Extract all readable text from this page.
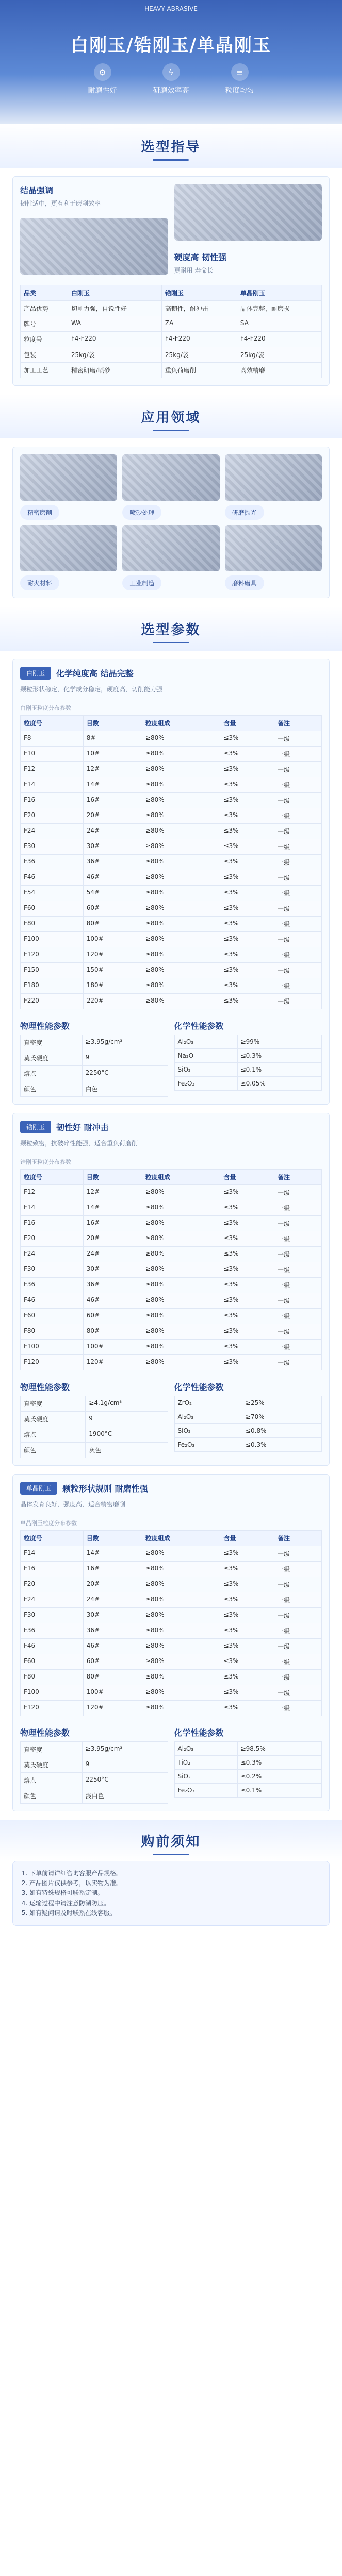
HEAVY ABRASIVE
白刚玉/锆刚玉/单晶刚玉
⚙
耐磨性好
ϟ
研磨效率高
≡
粒度均匀
选型指导
结晶强调
韧性适中，更有利于磨削效率
硬度高 韧性强
更耐用 寿命长
品类	白刚玉	锆刚玉	单晶刚玉
产品优势	切削力强，自锐性好	高韧性，耐冲击	晶体完整，耐磨损
牌号	WA	ZA	SA
粒度号	F4-F220	F4-F220	F4-F220
包装	25kg/袋	25kg/袋	25kg/袋
加工工艺	精密研磨/喷砂	重负荷磨削	高效精磨
应用领域
精密磨削	喷砂处理	研磨抛光
耐火材料	工业制造	磨料磨具
选型参数
白刚玉	化学纯度高 结晶完整
颗粒形状稳定，化学成分稳定，硬度高，切削能力强
白刚玉粒度分布参数
粒度号	目数	粒度组成	含量	备注
F8	8#	≥80%	≤3%	一级
F10	10#	≥80%	≤3%	一级
F12	12#	≥80%	≤3%	一级
F14	14#	≥80%	≤3%	一级
F16	16#	≥80%	≤3%	一级
F20	20#	≥80%	≤3%	一级
F24	24#	≥80%	≤3%	一级
F30	30#	≥80%	≤3%	一级
F36	36#	≥80%	≤3%	一级
F46	46#	≥80%	≤3%	一级
F54	54#	≥80%	≤3%	一级
F60	60#	≥80%	≤3%	一级
F80	80#	≥80%	≤3%	一级
F100	100#	≥80%	≤3%	一级
F120	120#	≥80%	≤3%	一级
F150	150#	≥80%	≤3%	一级
F180	180#	≥80%	≤3%	一级
F220	220#	≥80%	≤3%	一级
物理性能参数
真密度	≥3.95g/cm³
莫氏硬度	9
熔点	2250°C
颜色	白色
化学性能参数
Al₂O₃	≥99%
Na₂O	≤0.3%
SiO₂	≤0.1%
Fe₂O₃	≤0.05%
锆刚玉	韧性好 耐冲击
颗粒致密，抗破碎性能强，适合重负荷磨削
锆刚玉粒度分布参数
粒度号	目数	粒度组成	含量	备注
F12	12#	≥80%	≤3%	一级
F14	14#	≥80%	≤3%	一级
F16	16#	≥80%	≤3%	一级
F20	20#	≥80%	≤3%	一级
F24	24#	≥80%	≤3%	一级
F30	30#	≥80%	≤3%	一级
F36	36#	≥80%	≤3%	一级
F46	46#	≥80%	≤3%	一级
F60	60#	≥80%	≤3%	一级
F80	80#	≥80%	≤3%	一级
F100	100#	≥80%	≤3%	一级
F120	120#	≥80%	≤3%	一级
物理性能参数
真密度	≥4.1g/cm³
莫氏硬度	9
熔点	1900°C
颜色	灰色
化学性能参数
ZrO₂	≥25%
Al₂O₃	≥70%
SiO₂	≤0.8%
Fe₂O₃	≤0.3%
单晶刚玉	颗粒形状规则 耐磨性强
晶体发育良好，强度高，适合精密磨削
单晶刚玉粒度分布参数
粒度号	目数	粒度组成	含量	备注
F14	14#	≥80%	≤3%	一级
F16	16#	≥80%	≤3%	一级
F20	20#	≥80%	≤3%	一级
F24	24#	≥80%	≤3%	一级
F30	30#	≥80%	≤3%	一级
F36	36#	≥80%	≤3%	一级
F46	46#	≥80%	≤3%	一级
F60	60#	≥80%	≤3%	一级
F80	80#	≥80%	≤3%	一级
F100	100#	≥80%	≤3%	一级
F120	120#	≥80%	≤3%	一级
物理性能参数
真密度	≥3.95g/cm³
莫氏硬度	9
熔点	2250°C
颜色	浅白色
化学性能参数
Al₂O₃	≥98.5%
TiO₂	≤0.3%
SiO₂	≤0.2%
Fe₂O₃	≤0.1%
购前须知
1. 下单前请详细咨询客服产品规格。
2. 产品图片仅供参考，以实物为准。
3. 如有特殊规格可联系定制。
4. 运输过程中请注意防潮防压。
5. 如有疑问请及时联系在线客服。
